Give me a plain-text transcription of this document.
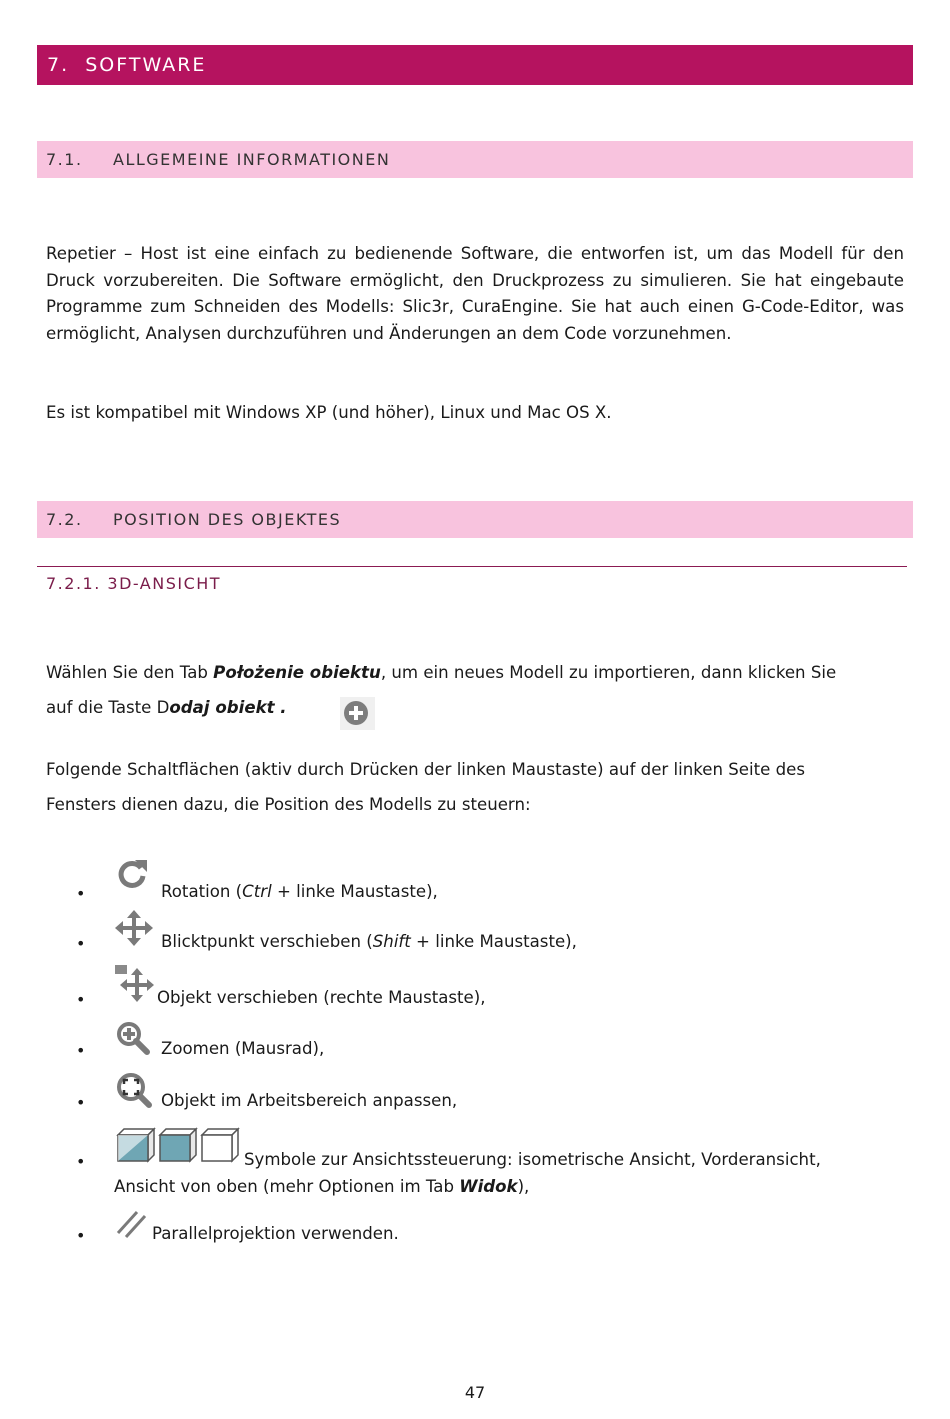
7. SOFTWARE
7.1. ALLGEMEINE INFORMATIONEN
Repetier – Host ist eine einfach zu bedienende Software, die entworfen ist, um das Modell für den Druck vorzubereiten. Die Software ermöglicht, den Druckprozess zu simulieren. Sie hat eingebaute Programme zum Schneiden des Modells: Slic3r, CuraEngine. Sie hat auch einen G-Code-Editor, was ermöglicht, Analysen durchzuführen und Änderungen an dem Code vorzunehmen.
Es ist kompatibel mit Windows XP (und höher), Linux und Mac OS X.
7.2. POSITION DES OBJEKTES
7.2.1. 3D-ANSICHT
Wählen Sie den Tab Położenie obiektu, um ein neues Modell zu importieren, dann klicken Sie
auf die Taste Dodaj obiekt .
Folgende Schaltflächen (aktiv durch Drücken der linken Maustaste) auf der linken Seite des
Fensters dienen dazu, die Position des Modells zu steuern:
•	Rotation (Ctrl + linke Maustaste),
•	Blicktpunkt verschieben (Shift + linke Maustaste),
•	Objekt verschieben (rechte Maustaste),
•	Zoomen (Mausrad),
•	Objekt im Arbeitsbereich anpassen,
•	Symbole zur Ansichtssteuerung: isometrische Ansicht, Vorderansicht,
Ansicht von oben (mehr Optionen im Tab Widok),
•	Parallelprojektion verwenden.
47
